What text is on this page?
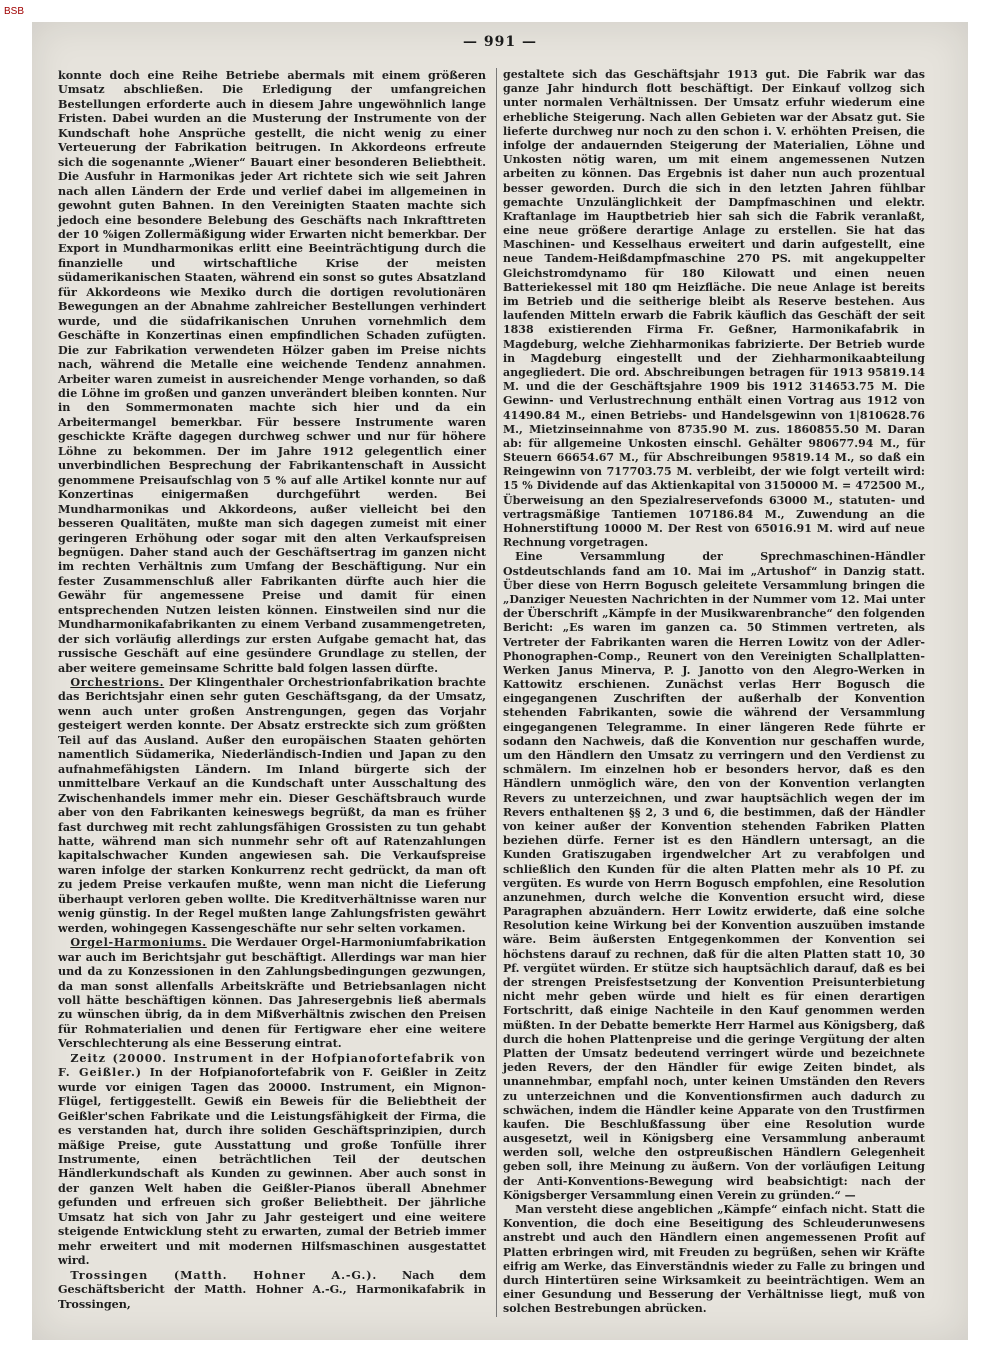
BSB
— 991 —

konnte doch eine Reihe Betriebe abermals mit einem größeren Umsatz abschließen. Die Erledigung der umfangreichen Bestellungen erforderte auch in diesem Jahre ungewöhnlich lange Fristen. Dabei wurden an die Musterung der Instrumente von der Kundschaft hohe Ansprüche gestellt, die nicht wenig zu einer Verteuerung der Fabrikation beitrugen. In Akkordeons erfreute sich die sogenannte „Wiener“ Bauart einer besonderen Beliebtheit. Die Ausfuhr in Harmonikas jeder Art richtete sich wie seit Jahren nach allen Ländern der Erde und verlief dabei im allgemeinen in gewohnt guten Bahnen. In den Vereinigten Staaten machte sich jedoch eine besondere Belebung des Geschäfts nach Inkrafttreten der 10 %igen Zollermäßigung wider Erwarten nicht bemerkbar. Der Export in Mundharmonikas erlitt eine Beeinträchtigung durch die finanzielle und wirtschaftliche Krise der meisten südamerikanischen Staaten, während ein sonst so gutes Absatzland für Akkordeons wie Mexiko durch die dortigen revolutionären Bewegungen an der Abnahme zahlreicher Bestellungen verhindert wurde, und die südafrikanischen Unruhen vornehmlich dem Geschäfte in Konzertinas einen empfindlichen Schaden zufügten. Die zur Fabrikation verwendeten Hölzer gaben im Preise nichts nach, während die Metalle eine weichende Tendenz annahmen. Arbeiter waren zumeist in ausreichender Menge vorhanden, so daß die Löhne im großen und ganzen unverändert bleiben konnten. Nur in den Sommermonaten machte sich hier und da ein Arbeitermangel bemerkbar. Für bessere Instrumente waren geschickte Kräfte dagegen durchweg schwer und nur für höhere Löhne zu bekommen. Der im Jahre 1912 gelegentlich einer unverbindlichen Besprechung der Fabrikantenschaft in Aussicht genommene Preisaufschlag von 5 % auf alle Artikel konnte nur auf Konzertinas einigermaßen durchgeführt werden. Bei Mundharmonikas und Akkordeons, außer vielleicht bei den besseren Qualitäten, mußte man sich dagegen zumeist mit einer geringeren Erhöhung oder sogar mit den alten Verkaufspreisen begnügen. Daher stand auch der Geschäftsertrag im ganzen nicht im rechten Verhältnis zum Umfang der Beschäftigung. Nur ein fester Zusammenschluß aller Fabrikanten dürfte auch hier die Gewähr für angemessene Preise und damit für einen entsprechenden Nutzen leisten können. Einstweilen sind nur die Mundharmonikafabrikanten zu einem Verband zusammengetreten, der sich vorläufig allerdings zur ersten Aufgabe gemacht hat, das russische Geschäft auf eine gesündere Grundlage zu stellen, der aber weitere gemeinsame Schritte bald folgen lassen dürfte.

Orchestrions. Der Klingenthaler Orchestrionfabrikation brachte das Berichtsjahr einen sehr guten Geschäftsgang, da der Umsatz, wenn auch unter großen Anstrengungen, gegen das Vorjahr gesteigert werden konnte. Der Absatz erstreckte sich zum größten Teil auf das Ausland. Außer den europäischen Staaten gehörten namentlich Südamerika, Niederländisch-Indien und Japan zu den aufnahmefähigsten Ländern. Im Inland bürgerte sich der unmittelbare Verkauf an die Kundschaft unter Ausschaltung des Zwischenhandels immer mehr ein. Dieser Geschäftsbrauch wurde aber von den Fabrikanten keineswegs begrüßt, da man es früher fast durchweg mit recht zahlungsfähigen Grossisten zu tun gehabt hatte, während man sich nunmehr sehr oft auf Ratenzahlungen kapitalschwacher Kunden angewiesen sah. Die Verkaufspreise waren infolge der starken Konkurrenz recht gedrückt, da man oft zu jedem Preise verkaufen mußte, wenn man nicht die Lieferung überhaupt verloren geben wollte. Die Kreditverhältnisse waren nur wenig günstig. In der Regel mußten lange Zahlungsfristen gewährt werden, wohingegen Kassengeschäfte nur sehr selten vorkamen.

Orgel-Harmoniums. Die Werdauer Orgel-Harmoniumfabrikation war auch im Berichtsjahr gut beschäftigt. Allerdings war man hier und da zu Konzessionen in den Zahlungsbedingungen gezwungen, da man sonst allenfalls Arbeitskräfte und Betriebsanlagen nicht voll hätte beschäftigen können. Das Jahresergebnis ließ abermals zu wünschen übrig, da in dem Mißverhältnis zwischen den Preisen für Rohmaterialien und denen für Fertigware eher eine weitere Verschlechterung als eine Besserung eintrat.

Zeitz (20000. Instrument in der Hofpianofortefabrik von F. Geißler.) In der Hofpianofortefabrik von F. Geißler in Zeitz wurde vor einigen Tagen das 20000. Instrument, ein Mignon-Flügel, fertiggestellt. Gewiß ein Beweis für die Beliebtheit der Geißler'schen Fabrikate und die Leistungsfähigkeit der Firma, die es verstanden hat, durch ihre soliden Geschäftsprinzipien, durch mäßige Preise, gute Ausstattung und große Tonfülle ihrer Instrumente, einen beträchtlichen Teil der deutschen Händlerkundschaft als Kunden zu gewinnen. Aber auch sonst in der ganzen Welt haben die Geißler-Pianos überall Abnehmer gefunden und erfreuen sich großer Beliebtheit. Der jährliche Umsatz hat sich von Jahr zu Jahr gesteigert und eine weitere steigende Entwicklung steht zu erwarten, zumal der Betrieb immer mehr erweitert und mit modernen Hilfsmaschinen ausgestattet wird.

Trossingen (Matth. Hohner A.-G.). Nach dem Geschäftsbericht der Matth. Hohner A.-G., Harmonikafabrik in Trossingen,

gestaltete sich das Geschäftsjahr 1913 gut. Die Fabrik war das ganze Jahr hindurch flott beschäftigt. Der Einkauf vollzog sich unter normalen Verhältnissen. Der Umsatz erfuhr wiederum eine erhebliche Steigerung. Nach allen Gebieten war der Absatz gut. Sie lieferte durchweg nur noch zu den schon i. V. erhöhten Preisen, die infolge der andauernden Steigerung der Materialien, Löhne und Unkosten nötig waren, um mit einem angemessenen Nutzen arbeiten zu können. Das Ergebnis ist daher nun auch prozentual besser geworden. Durch die sich in den letzten Jahren fühlbar gemachte Unzulänglichkeit der Dampfmaschinen und elektr. Kraftanlage im Hauptbetrieb hier sah sich die Fabrik veranlaßt, eine neue größere derartige Anlage zu erstellen. Sie hat das Maschinen- und Kesselhaus erweitert und darin aufgestellt, eine neue Tandem-Heißdampfmaschine 270 PS. mit angekuppelter Gleichstromdynamo für 180 Kilowatt und einen neuen Batteriekessel mit 180 qm Heizfläche. Die neue Anlage ist bereits im Betrieb und die seitherige bleibt als Reserve bestehen. Aus laufenden Mitteln erwarb die Fabrik käuflich das Geschäft der seit 1838 existierenden Firma Fr. Geßner, Harmonikafabrik in Magdeburg, welche Ziehharmonikas fabrizierte. Der Betrieb wurde in Magdeburg eingestellt und der Ziehharmonikaabteilung angegliedert. Die ord. Abschreibungen betragen für 1913 95819.14 M. und die der Geschäftsjahre 1909 bis 1912 314653.75 M. Die Gewinn- und Verlustrechnung enthält einen Vortrag aus 1912 von 41490.84 M., einen Betriebs- und Handelsgewinn von 1|810628.76 M., Mietzinseinnahme von 8735.90 M. zus. 1860855.50 M. Daran ab: für allgemeine Unkosten einschl. Gehälter 980677.94 M., für Steuern 66654.67 M., für Abschreibungen 95819.14 M., so daß ein Reingewinn von 717703.75 M. verbleibt, der wie folgt verteilt wird: 15 % Dividende auf das Aktienkapital von 3150000 M. = 472500 M., Überweisung an den Spezialreservefonds 63000 M., statuten- und vertragsmäßige Tantiemen 107186.84 M., Zuwendung an die Hohnerstiftung 10000 M. Der Rest von 65016.91 M. wird auf neue Rechnung vorgetragen.

Eine Versammlung der Sprechmaschinen-Händler Ostdeutschlands fand am 10. Mai im „Artushof“ in Danzig statt. Über diese von Herrn Bogusch geleitete Versammlung bringen die „Danziger Neuesten Nachrichten in der Nummer vom 12. Mai unter der Überschrift „Kämpfe in der Musikwarenbranche“ den folgenden Bericht: „Es waren im ganzen ca. 50 Stimmen vertreten, als Vertreter der Fabrikanten waren die Herren Lowitz von der Adler-Phonographen-Comp., Reunert von den Vereinigten Schallplatten-Werken Janus Minerva, P. J. Janotto von den Alegro-Werken in Kattowitz erschienen. Zunächst verlas Herr Bogusch die eingegangenen Zuschriften der außerhalb der Konvention stehenden Fabrikanten, sowie die während der Versammlung eingegangenen Telegramme. In einer längeren Rede führte er sodann den Nachweis, daß die Konvention nur geschaffen wurde, um den Händlern den Umsatz zu verringern und den Verdienst zu schmälern. Im einzelnen hob er besonders hervor, daß es den Händlern unmöglich wäre, den von der Konvention verlangten Revers zu unterzeichnen, und zwar hauptsächlich wegen der im Revers enthaltenen §§ 2, 3 und 6, die bestimmen, daß der Händler von keiner außer der Konvention stehenden Fabriken Platten beziehen dürfe. Ferner ist es den Händlern untersagt, an die Kunden Gratiszugaben irgendwelcher Art zu verabfolgen und schließlich den Kunden für die alten Platten mehr als 10 Pf. zu vergüten. Es wurde von Herrn Bogusch empfohlen, eine Resolution anzunehmen, durch welche die Konvention ersucht wird, diese Paragraphen abzuändern. Herr Lowitz erwiderte, daß eine solche Resolution keine Wirkung bei der Konvention auszuüben imstande wäre. Beim äußersten Entgegenkommen der Konvention sei höchstens darauf zu rechnen, daß für die alten Platten statt 10, 30 Pf. vergütet würden. Er stütze sich hauptsächlich darauf, daß es bei der strengen Preisfestsetzung der Konvention Preisunterbietung nicht mehr geben würde und hielt es für einen derartigen Fortschritt, daß einige Nachteile in den Kauf genommen werden müßten. In der Debatte bemerkte Herr Harmel aus Königsberg, daß durch die hohen Plattenpreise und die geringe Vergütung der alten Platten der Umsatz bedeutend verringert würde und bezeichnete jeden Revers, der den Händler für ewige Zeiten bindet, als unannehmbar, empfahl noch, unter keinen Umständen den Revers zu unterzeichnen und die Konventionsfirmen auch dadurch zu schwächen, indem die Händler keine Apparate von den Trustfirmen kaufen. Die Beschlußfassung über eine Resolution wurde ausgesetzt, weil in Königsberg eine Versammlung anberaumt werden soll, welche den ostpreußischen Händlern Gelegenheit geben soll, ihre Meinung zu äußern. Von der vorläufigen Leitung der Anti-Konventions-Bewegung wird beabsichtigt: nach der Königsberger Versammlung einen Verein zu gründen.“ —

Man versteht diese angeblichen „Kämpfe“ einfach nicht. Statt die Konvention, die doch eine Beseitigung des Schleuderunwesens anstrebt und auch den Händlern einen angemessenen Profit auf Platten erbringen wird, mit Freuden zu begrüßen, sehen wir Kräfte eifrig am Werke, das Einverständnis wieder zu Falle zu bringen und durch Hintertüren seine Wirksamkeit zu beeinträchtigen. Wem an einer Gesundung und Besserung der Verhältnisse liegt, muß von solchen Bestrebungen abrücken.
